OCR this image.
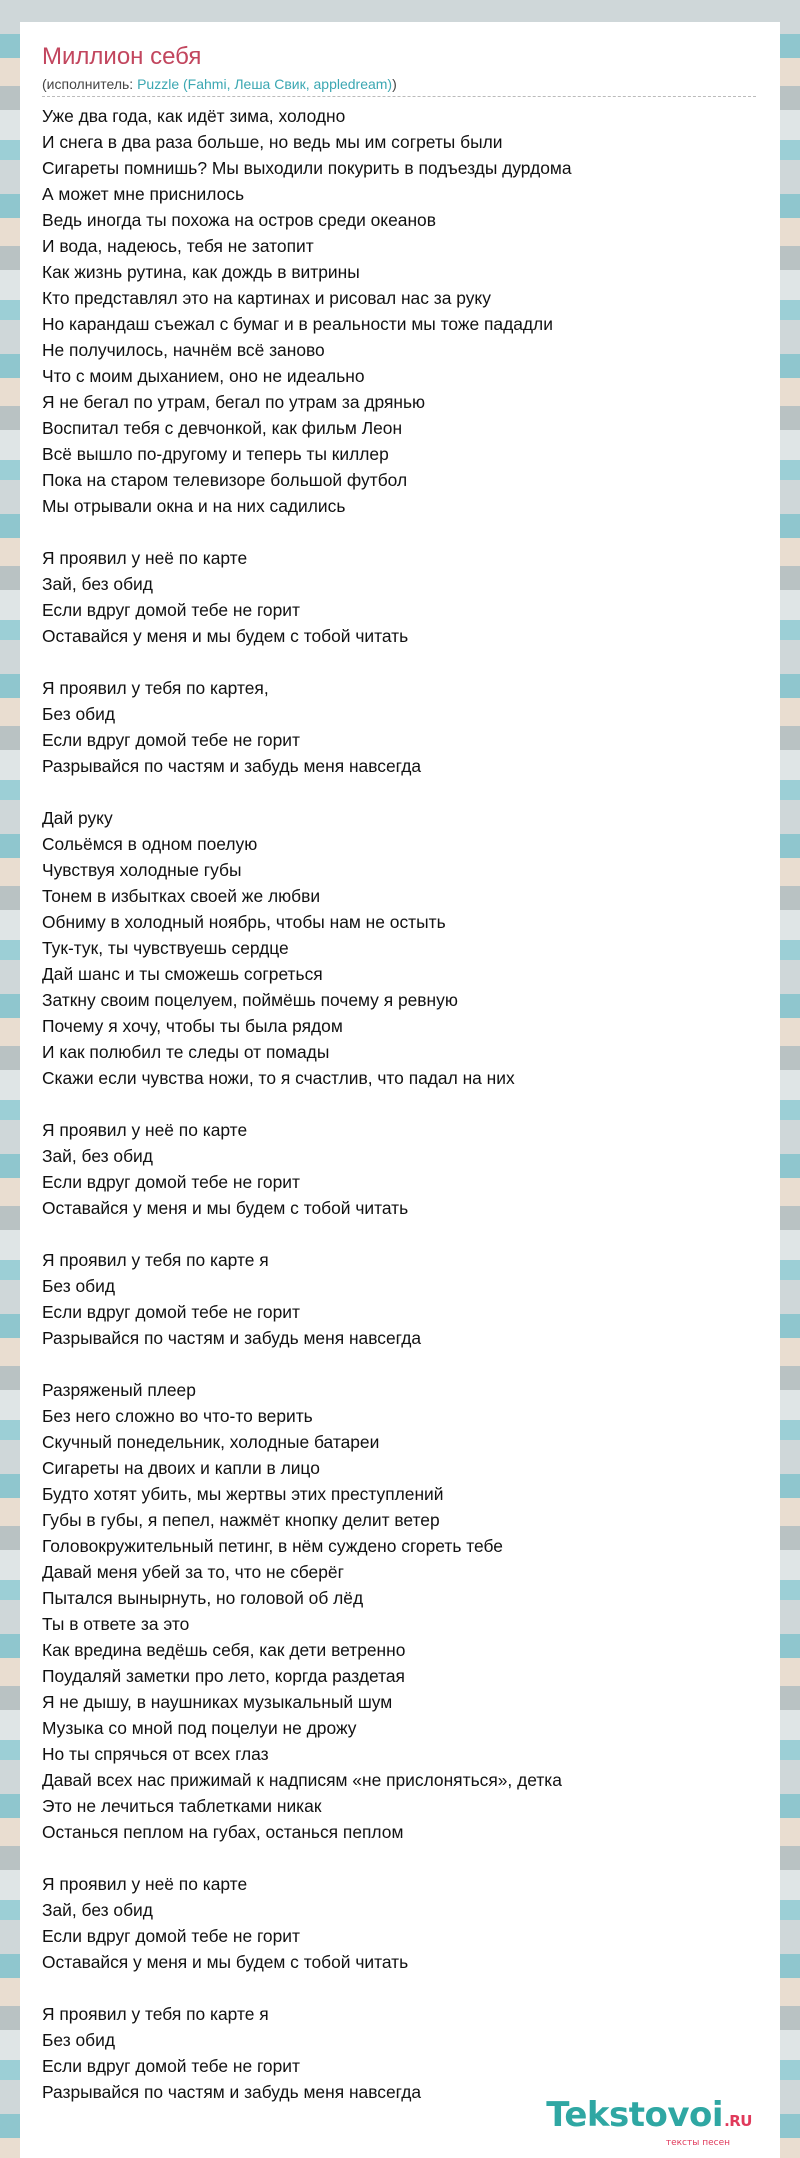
Миллион себя
(исполнитель: Puzzle (Fahmi, Леша Свик, appledream))
Уже два года, как идёт зима, холодно
И снега в два раза больше, но ведь мы им согреты были
Сигареты помнишь? Мы выходили покурить в подъезды дурдома
А может мне приснилось
Ведь иногда ты похожа на остров среди океанов
И вода, надеюсь, тебя не затопит
Как жизнь рутина, как дождь в витрины
Кто представлял это на картинах и рисовал нас за руку
Но карандаш съежал с бумаг и в реальности мы тоже пададли
Не получилось, начнём всё заново
Что с моим дыханием, оно не идеально
Я не бегал по утрам, бегал по утрам за дрянью
Воспитал тебя с девчонкой, как фильм Леон
Всё вышло по-другому и теперь ты киллер
Пока на старом телевизоре большой футбол
Мы отрывали окна и на них садились
Я проявил у неё по карте
Зай, без обид
Если вдруг домой тебе не горит
Оставайся у меня и мы будем с тобой читать
Я проявил у тебя по картея,
Без обид
Если вдруг домой тебе не горит
Разрывайся по частям и забудь меня навсегда
Дай руку
Сольёмся в одном поелую
Чувствуя холодные губы
Тонем в избытках своей же любви
Обниму в холодный ноябрь, чтобы нам не остыть
Тук-тук, ты чувствуешь сердце
Дай шанс и ты сможешь согреться
Заткну своим поцелуем, поймёшь почему я ревную
Почему я хочу, чтобы ты была рядом
И как полюбил те следы от помады
Скажи если чувства ножи, то я счастлив, что падал на них
Я проявил у неё по карте
Зай, без обид
Если вдруг домой тебе не горит
Оставайся у меня и мы будем с тобой читать
Я проявил у тебя по карте я
Без обид
Если вдруг домой тебе не горит
Разрывайся по частям и забудь меня навсегда
Разряженый плеер
Без него сложно во что-то верить
Скучный понедельник, холодные батареи
Сигареты на двоих и капли в лицо
Будто хотят убить, мы жертвы этих преступлений
Губы в губы, я пепел, нажмёт кнопку делит ветер
Головокружительный петинг, в нём суждено сгореть тебе
Давай меня убей за то, что не сберёг
Пытался вынырнуть, но головой об лёд
Ты в ответе за это
Как вредина ведёшь себя, как дети ветренно
Поудаляй заметки про лето, коргда раздетая
Я не дышу, в наушниках музыкальный шум
Музыка со мной под поцелуи не дрожу
Но ты спрячься от всех глаз
Давай всех нас прижимай к надписям «не прислоняться», детка
Это не лечиться таблетками никак
Останься пеплом на губах, останься пеплом
Я проявил у неё по карте
Зай, без обид
Если вдруг домой тебе не горит
Оставайся у меня и мы будем с тобой читать
Я проявил у тебя по карте я
Без обид
Если вдруг домой тебе не горит
Разрывайся по частям и забудь меня навсегда
Tekstovoi.RU
тексты песен
